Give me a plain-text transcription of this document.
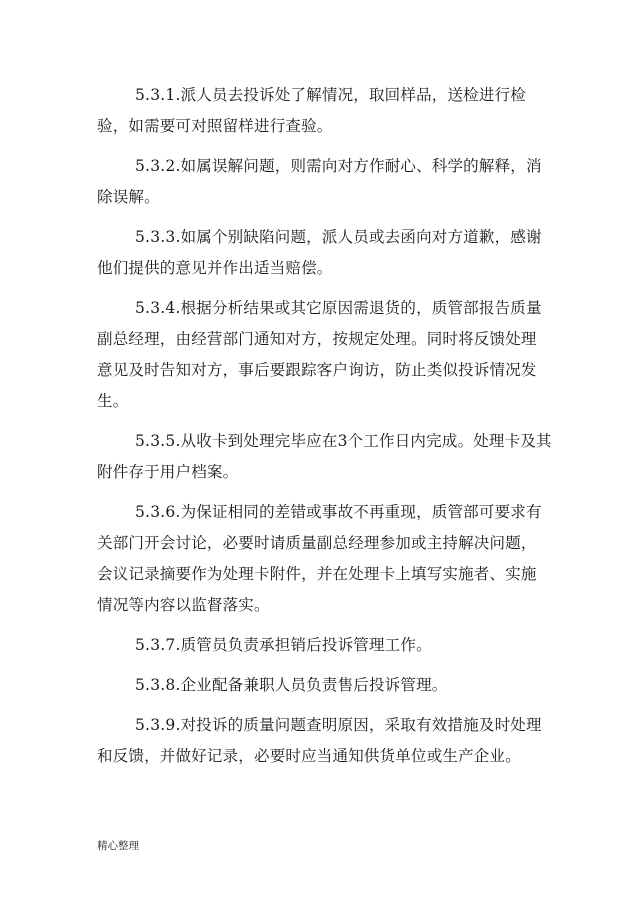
5.3.1.派人员去投诉处了解情况，取回样品，送检进行检验，如需要可对照留样进行查验。

5.3.2.如属误解问题，则需向对方作耐心、科学的解释，消除误解。

5.3.3.如属个别缺陷问题，派人员或去函向对方道歉，感谢他们提供的意见并作出适当赔偿。

5.3.4.根据分析结果或其它原因需退货的，质管部报告质量副总经理，由经营部门通知对方，按规定处理。同时将反馈处理意见及时告知对方，事后要跟踪客户询访，防止类似投诉情况发生。

5.3.5.从收卡到处理完毕应在3个工作日内完成。处理卡及其附件存于用户档案。

5.3.6.为保证相同的差错或事故不再重现，质管部可要求有关部门开会讨论，必要时请质量副总经理参加或主持解决问题，会议记录摘要作为处理卡附件，并在处理卡上填写实施者、实施情况等内容以监督落实。

5.3.7.质管员负责承担销后投诉管理工作。

5.3.8.企业配备兼职人员负责售后投诉管理。

5.3.9.对投诉的质量问题查明原因，采取有效措施及时处理和反馈，并做好记录，必要时应当通知供货单位或生产企业。

精心整理
